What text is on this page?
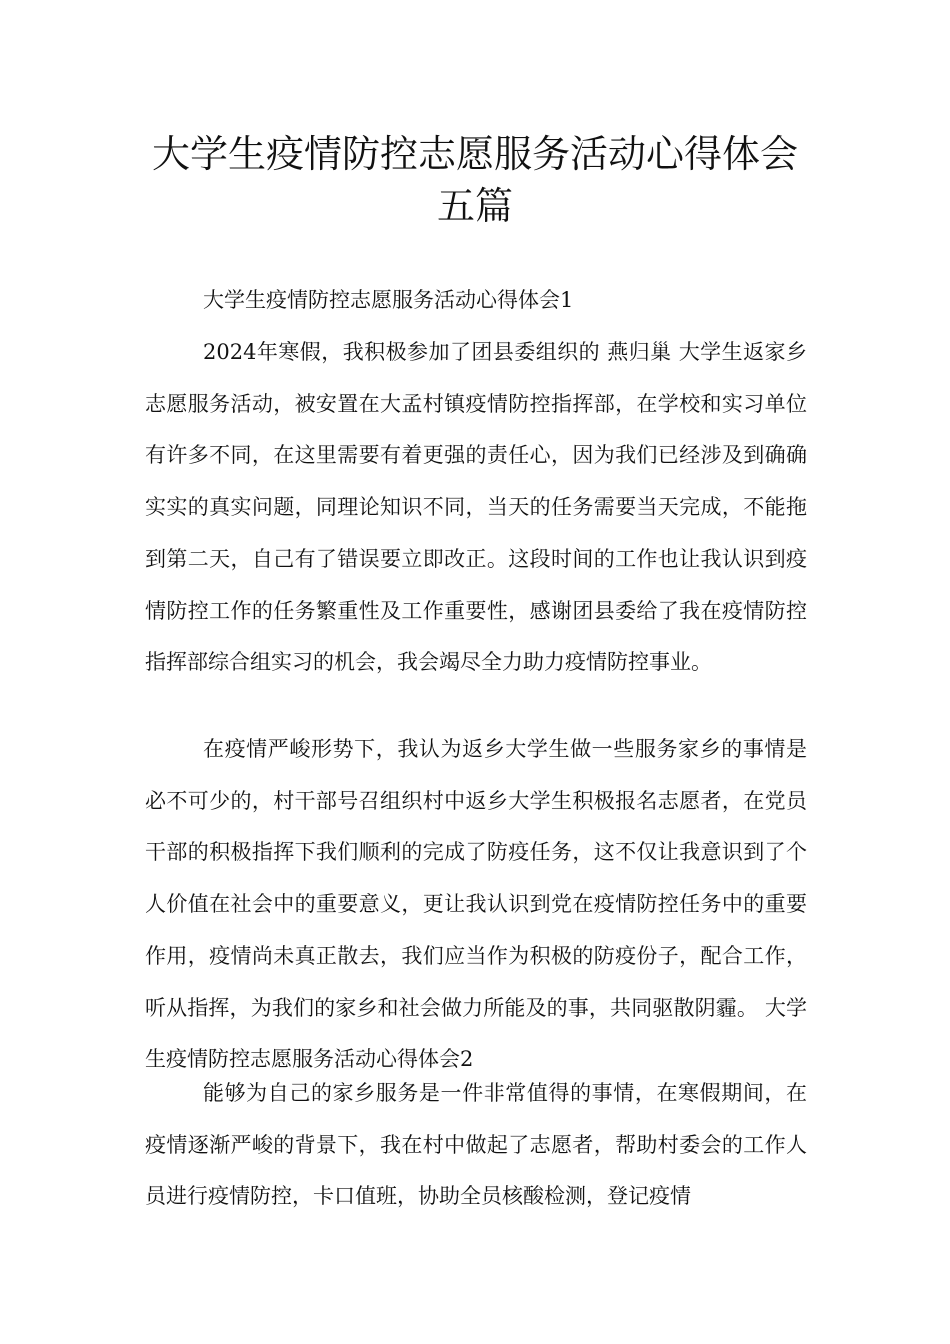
大学生疫情防控志愿服务活动心得体会
五篇

大学生疫情防控志愿服务活动心得体会1

2024年寒假，我积极参加了团县委组织的 燕归巢 大学生返家乡志愿服务活动，被安置在大孟村镇疫情防控指挥部，在学校和实习单位有许多不同，在这里需要有着更强的责任心，因为我们已经涉及到确确实实的真实问题，同理论知识不同，当天的任务需要当天完成，不能拖到第二天，自己有了错误要立即改正。这段时间的工作也让我认识到疫情防控工作的任务繁重性及工作重要性，感谢团县委给了我在疫情防控指挥部综合组实习的机会，我会竭尽全力助力疫情防控事业。

在疫情严峻形势下，我认为返乡大学生做一些服务家乡的事情是必不可少的，村干部号召组织村中返乡大学生积极报名志愿者，在党员干部的积极指挥下我们顺利的完成了防疫任务，这不仅让我意识到了个人价值在社会中的重要意义，更让我认识到党在疫情防控任务中的重要作用，疫情尚未真正散去，我们应当作为积极的防疫份子，配合工作，听从指挥，为我们的家乡和社会做力所能及的事，共同驱散阴霾。 大学生疫情防控志愿服务活动心得体会2

能够为自己的家乡服务是一件非常值得的事情，在寒假期间，在疫情逐渐严峻的背景下，我在村中做起了志愿者，帮助村委会的工作人员进行疫情防控，卡口值班，协助全员核酸检测，登记疫情
